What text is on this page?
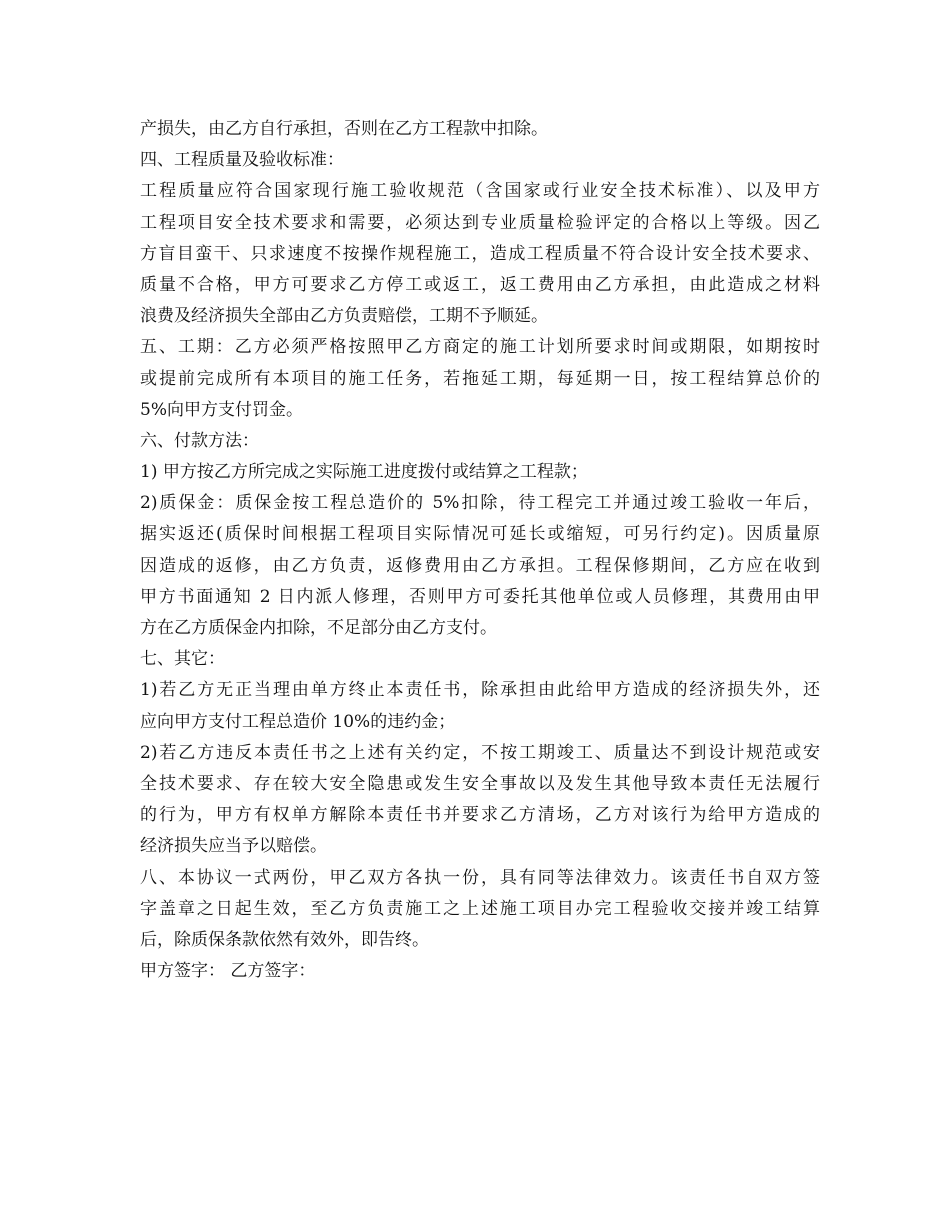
产损失，由乙方自行承担，否则在乙方工程款中扣除。
四、工程质量及验收标准：
工程质量应符合国家现行施工验收规范（含国家或行业安全技术标准）、以及甲方
工程项目安全技术要求和需要，必须达到专业质量检验评定的合格以上等级。因乙
方盲目蛮干、只求速度不按操作规程施工，造成工程质量不符合设计安全技术要求、
质量不合格，甲方可要求乙方停工或返工，返工费用由乙方承担，由此造成之材料
浪费及经济损失全部由乙方负责赔偿，工期不予顺延。
五、工期：乙方必须严格按照甲乙方商定的施工计划所要求时间或期限，如期按时
或提前完成所有本项目的施工任务，若拖延工期，每延期一日，按工程结算总价的
5%向甲方支付罚金。
六、付款方法：
1) 甲方按乙方所完成之实际施工进度拨付或结算之工程款；
2)质保金：质保金按工程总造价的 5%扣除，待工程完工并通过竣工验收一年后，
据实返还(质保时间根据工程项目实际情况可延长或缩短，可另行约定)。因质量原
因造成的返修，由乙方负责，返修费用由乙方承担。工程保修期间，乙方应在收到
甲方书面通知 2 日内派人修理，否则甲方可委托其他单位或人员修理，其费用由甲
方在乙方质保金内扣除，不足部分由乙方支付。
七、其它：
1)若乙方无正当理由单方终止本责任书，除承担由此给甲方造成的经济损失外，还
应向甲方支付工程总造价 10%的违约金；
2)若乙方违反本责任书之上述有关约定，不按工期竣工、质量达不到设计规范或安
全技术要求、存在较大安全隐患或发生安全事故以及发生其他导致本责任无法履行
的行为，甲方有权单方解除本责任书并要求乙方清场，乙方对该行为给甲方造成的
经济损失应当予以赔偿。
八、本协议一式两份，甲乙双方各执一份，具有同等法律效力。该责任书自双方签
字盖章之日起生效，至乙方负责施工之上述施工项目办完工程验收交接并竣工结算
后，除质保条款依然有效外，即告终。
甲方签字： 乙方签字：
